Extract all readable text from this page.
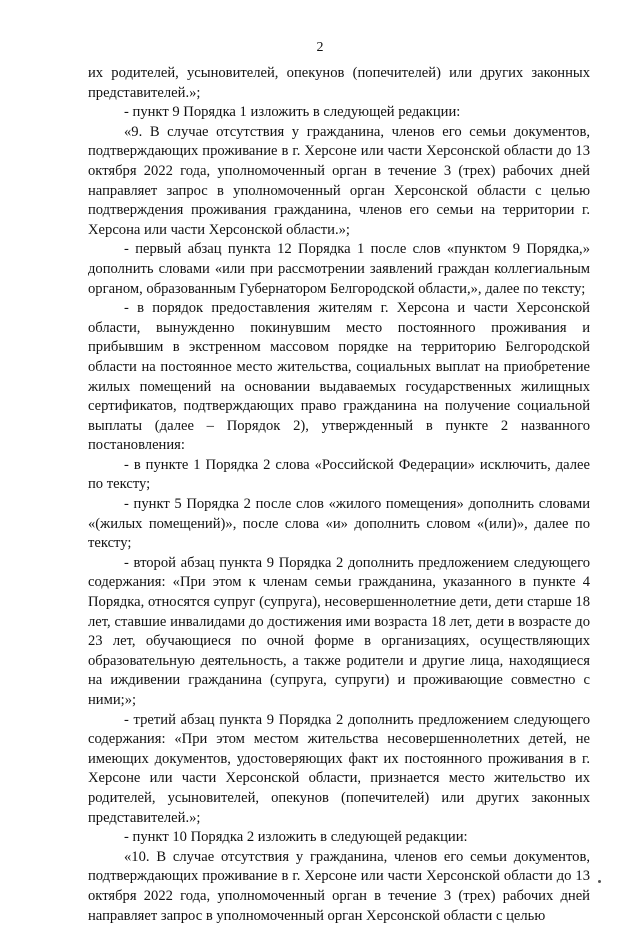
2

их родителей, усыновителей, опекунов (попечителей) или других законных представителей.»;

- пункт 9 Порядка 1 изложить в следующей редакции:

«9. В случае отсутствия у гражданина, членов его семьи документов, подтверждающих проживание в г. Херсоне или части Херсонской области до 13 октября 2022 года, уполномоченный орган в течение 3 (трех) рабочих дней направляет запрос в уполномоченный орган Херсонской области с целью подтверждения проживания гражданина, членов его семьи на территории г. Херсона или части Херсонской области.»;

- первый абзац пункта 12 Порядка 1 после слов «пунктом 9 Порядка,» дополнить словами «или при рассмотрении заявлений граждан коллегиальным органом, образованным Губернатором Белгородской области,», далее по тексту;

- в порядок предоставления жителям г. Херсона и части Херсонской области, вынужденно покинувшим место постоянного проживания и прибывшим в экстренном массовом порядке на территорию Белгородской области на постоянное место жительства, социальных выплат на приобретение жилых помещений на основании выдаваемых государственных жилищных сертификатов, подтверждающих право гражданина на получение социальной выплаты (далее – Порядок 2), утвержденный в пункте 2 названного постановления:

- в пункте 1 Порядка 2 слова «Российской Федерации» исключить, далее по тексту;

- пункт 5 Порядка 2 после слов «жилого помещения» дополнить словами «(жилых помещений)», после слова «и» дополнить словом «(или)», далее по тексту;

- второй абзац пункта 9 Порядка 2 дополнить предложением следующего содержания: «При этом к членам семьи гражданина, указанного в пункте 4 Порядка, относятся супруг (супруга), несовершеннолетние дети, дети старше 18 лет, ставшие инвалидами до достижения ими возраста 18 лет, дети в возрасте до 23 лет, обучающиеся по очной форме в организациях, осуществляющих образовательную деятельность, а также родители и другие лица, находящиеся на иждивении гражданина (супруга, супруги) и проживающие совместно с ними;»;

- третий абзац пункта 9 Порядка 2 дополнить предложением следующего содержания: «При этом местом жительства несовершеннолетних детей, не имеющих документов, удостоверяющих факт их постоянного проживания в г. Херсоне или части Херсонской области, признается место жительство их родителей, усыновителей, опекунов (попечителей) или других законных представителей.»;

- пункт 10 Порядка 2 изложить в следующей редакции:

«10. В случае отсутствия у гражданина, членов его семьи документов, подтверждающих проживание в г. Херсоне или части Херсонской области до 13 октября 2022 года, уполномоченный орган в течение 3 (трех) рабочих дней направляет запрос в уполномоченный орган Херсонской области с целью
